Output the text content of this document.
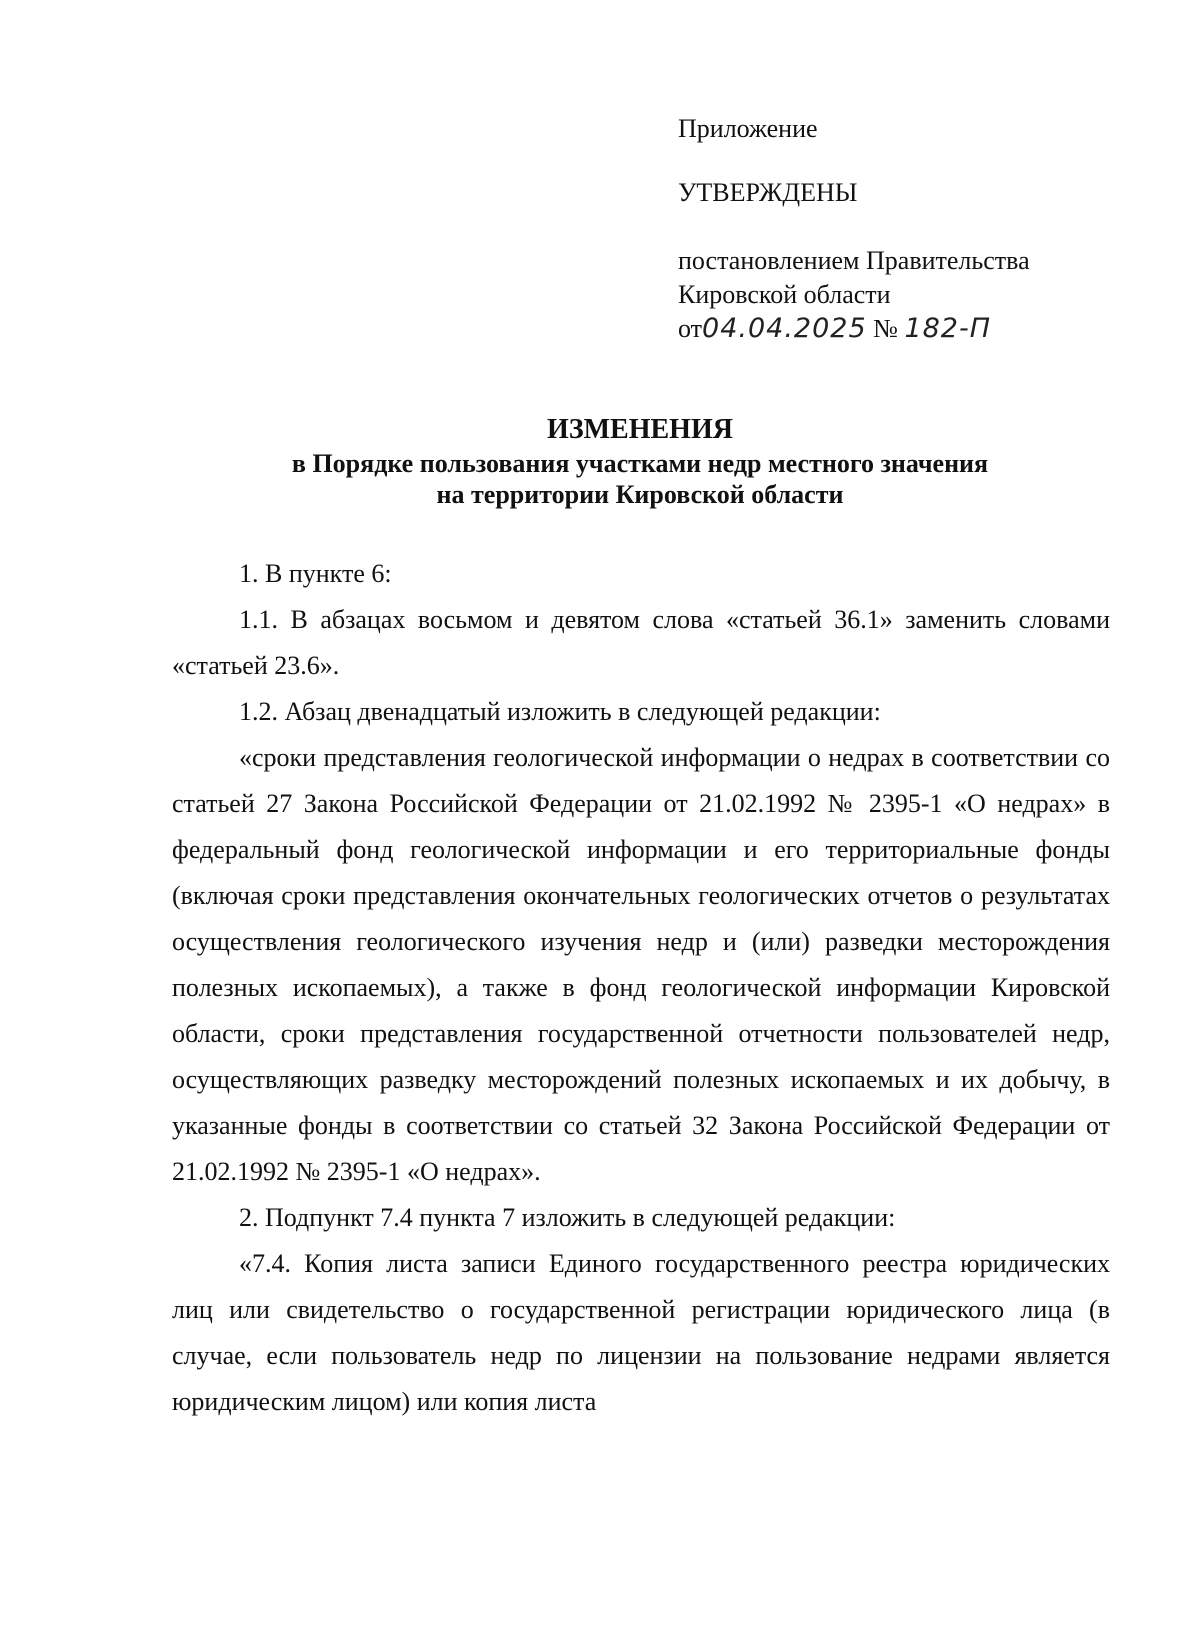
Приложение
УТВЕРЖДЕНЫ
постановлением Правительства
Кировской области
от04.04.2025 № 182-П
ИЗМЕНЕНИЯ
в Порядке пользования участками недр местного значения
на территории Кировской области

1. В пункте 6:

1.1. В абзацах восьмом и девятом слова «статьей 36.1» заменить словами «статьей 23.6».

1.2. Абзац двенадцатый изложить в следующей редакции:

«сроки представления геологической информации о недрах в соответствии со статьей 27 Закона Российской Федерации от 21.02.1992 № 2395-1 «О недрах» в федеральный фонд геологической информации и его территориальные фонды (включая сроки представления окончательных геологических отчетов о результатах осуществления геологического изучения недр и (или) разведки месторождения полезных ископаемых), а также в фонд геологической информации Кировской области, сроки представления государственной отчетности пользователей недр, осуществляющих разведку месторождений полезных ископаемых и их добычу, в указанные фонды в соответствии со статьей 32 Закона Российской Федерации от 21.02.1992 № 2395-1 «О недрах».

2. Подпункт 7.4 пункта 7 изложить в следующей редакции:

«7.4. Копия листа записи Единого государственного реестра юридических лиц или свидетельство о государственной регистрации юридического лица (в случае, если пользователь недр по лицензии на пользование недрами является юридическим лицом) или копия листа
